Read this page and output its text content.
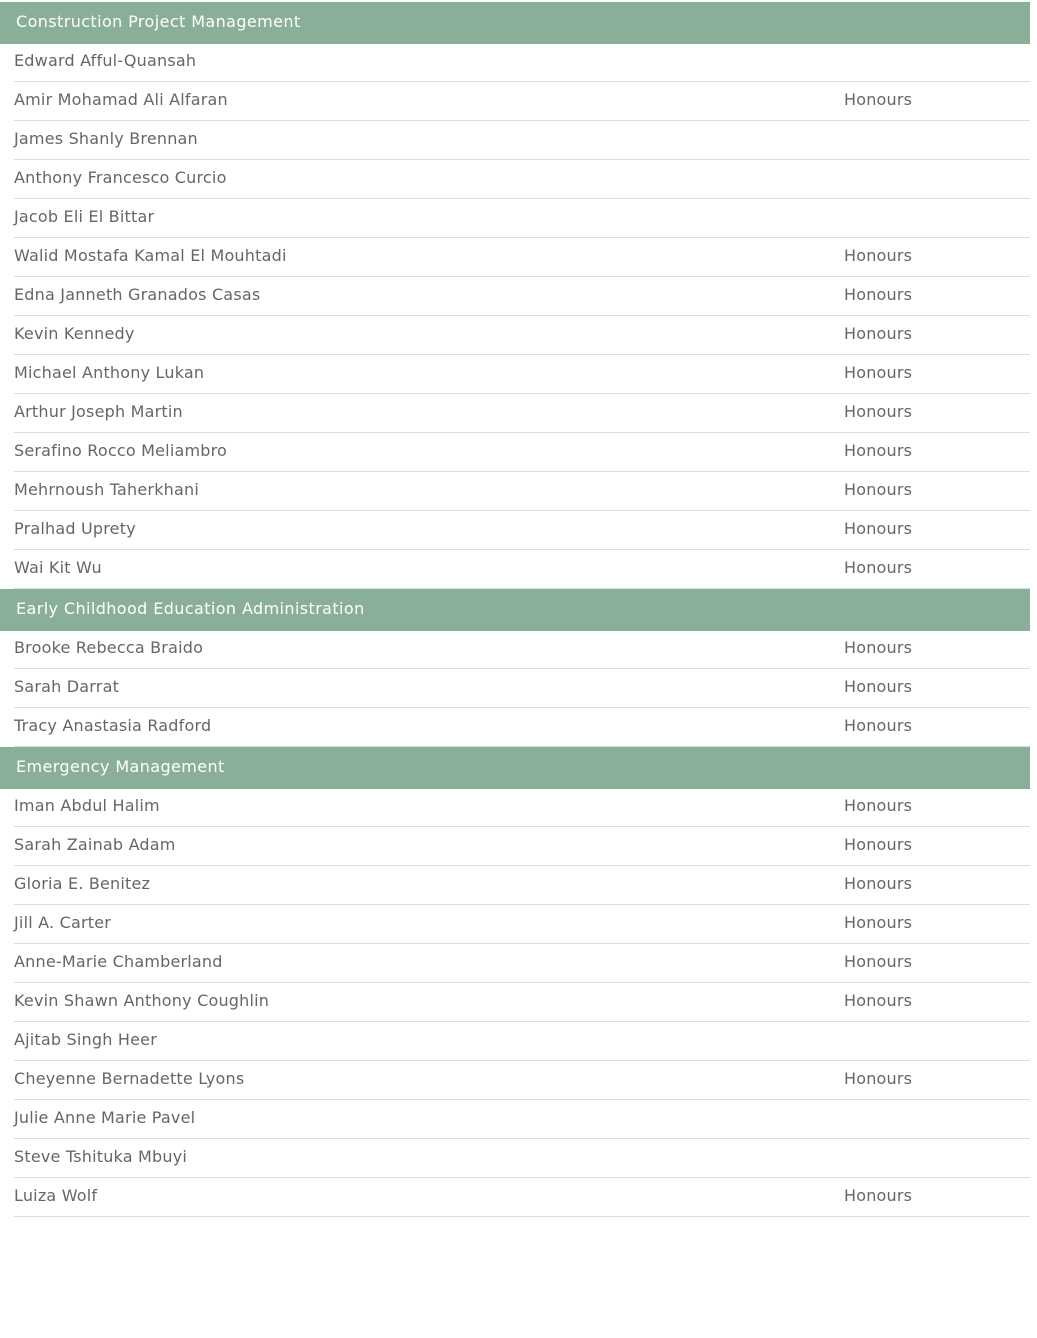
Construction Project Management
Edward Afful-Quansah
Amir Mohamad Ali Alfaran	Honours
James Shanly Brennan
Anthony Francesco Curcio
Jacob Eli El Bittar
Walid Mostafa Kamal El Mouhtadi	Honours
Edna Janneth Granados Casas	Honours
Kevin Kennedy	Honours
Michael Anthony Lukan	Honours
Arthur Joseph Martin	Honours
Serafino Rocco Meliambro	Honours
Mehrnoush Taherkhani	Honours
Pralhad Uprety	Honours
Wai Kit Wu	Honours
Early Childhood Education Administration
Brooke Rebecca Braido	Honours
Sarah Darrat	Honours
Tracy Anastasia Radford	Honours
Emergency Management
Iman Abdul Halim	Honours
Sarah Zainab Adam	Honours
Gloria E. Benitez	Honours
Jill A. Carter	Honours
Anne-Marie Chamberland	Honours
Kevin Shawn Anthony Coughlin	Honours
Ajitab Singh Heer
Cheyenne Bernadette Lyons	Honours
Julie Anne Marie Pavel
Steve Tshituka Mbuyi
Luiza Wolf	Honours
